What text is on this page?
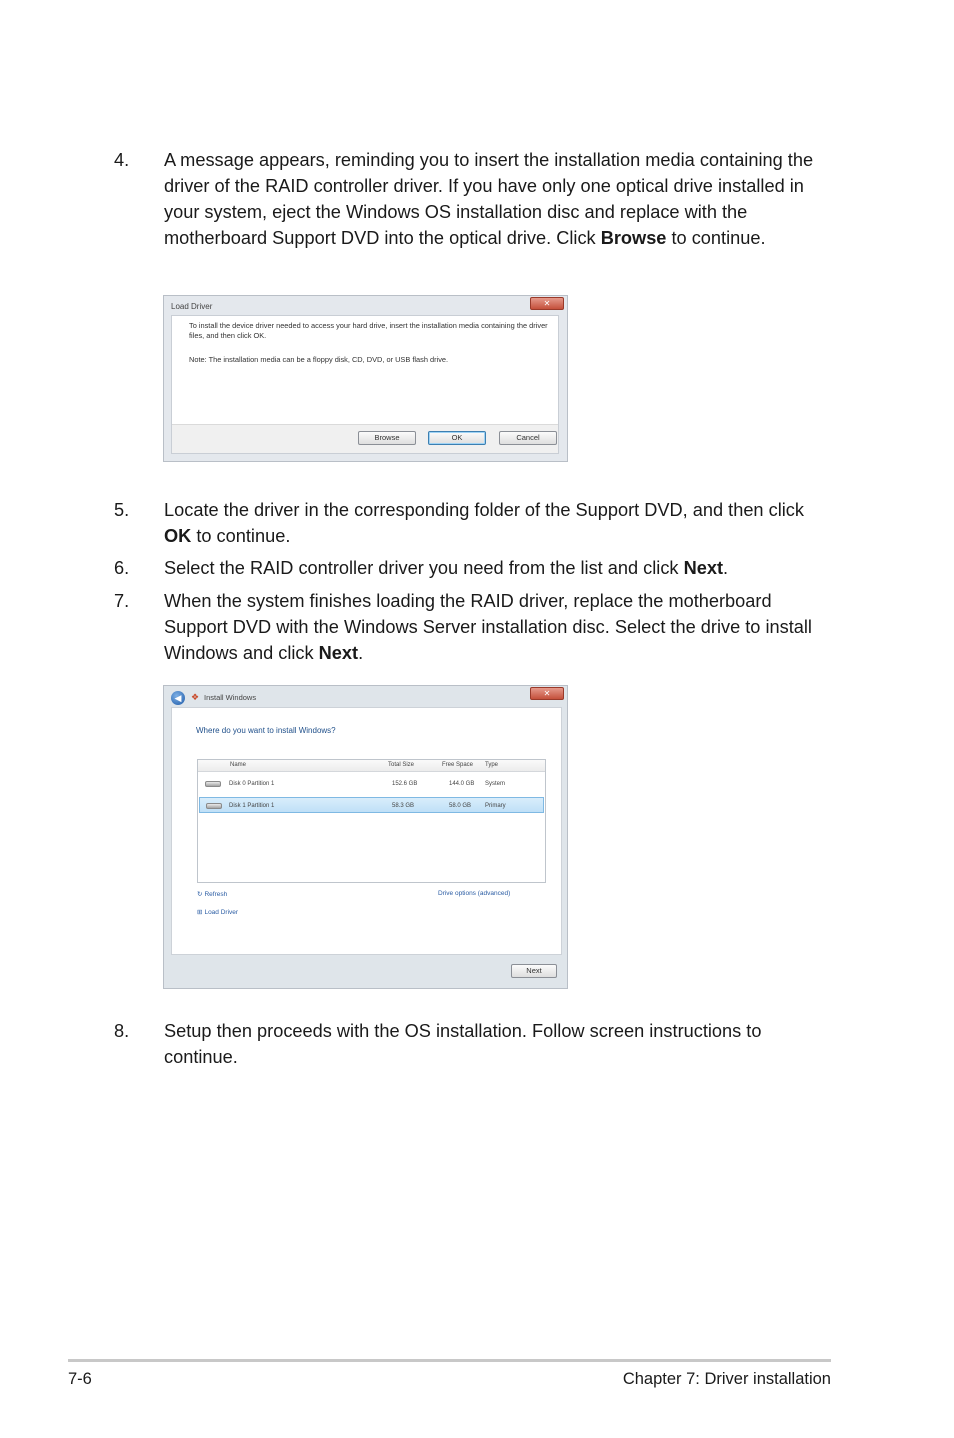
4. A message appears, reminding you to insert the installation media containing the driver of the RAID controller driver. If you have only one optical drive installed in your system, eject the Windows OS installation disc and replace with the motherboard Support DVD into the optical drive. Click Browse to continue.
Load Driver	✕
To install the device driver needed to access your hard drive, insert the installation media containing the driver files, and then click OK.
Note: The installation media can be a floppy disk, CD, DVD, or USB flash drive.
Browse	OK	Cancel
5. Locate the driver in the corresponding folder of the Support DVD, and then click OK to continue.
6. Select the RAID controller driver you need from the list and click Next.
7. When the system finishes loading the RAID driver, replace the motherboard Support DVD with the Windows Server installation disc. Select the drive to install Windows and click Next.
◀	❖ Install Windows	✕
Where do you want to install Windows?
Name	Total Size	Free Space Type
Disk 0 Partition 1	152.6 GB	144.0 GB System
Disk 1 Partition 1	58.3 GB	58.0 GB Primary
↻ Refresh
⊞ Load Driver
Drive options (advanced)
Next
8. Setup then proceeds with the OS installation. Follow screen instructions to continue.
7-6	Chapter 7: Driver installation
